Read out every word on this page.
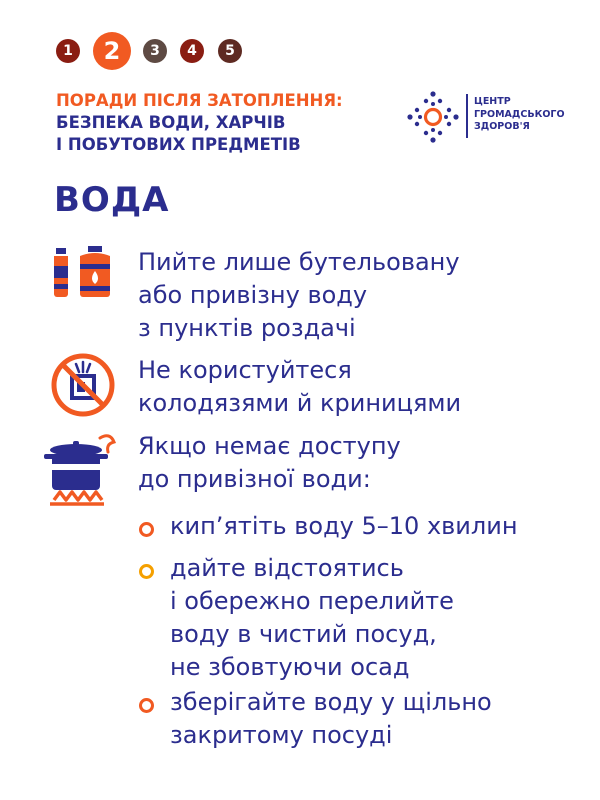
1	2	3	4	5
ПОРАДИ ПІСЛЯ ЗАТОПЛЕННЯ:
БЕЗПЕКА ВОДИ, ХАРЧІВ
І ПОБУТОВИХ ПРЕДМЕТІВ
ЦЕНТР
ГРОМАДСЬКОГО
ЗДОРОВ'Я
ВОДА
Пийте лише бутельовану
або привізну воду
з пунктів роздачі
Не користуйтеся
колодязями й криницями
Якщо немає доступу
до привізної води:
кип’ятіть воду 5–10 хвилин
дайте відстоятись
і обережно перелийте
воду в чистий посуд,
не збовтуючи осад
зберігайте воду у щільно
закритому посуді
